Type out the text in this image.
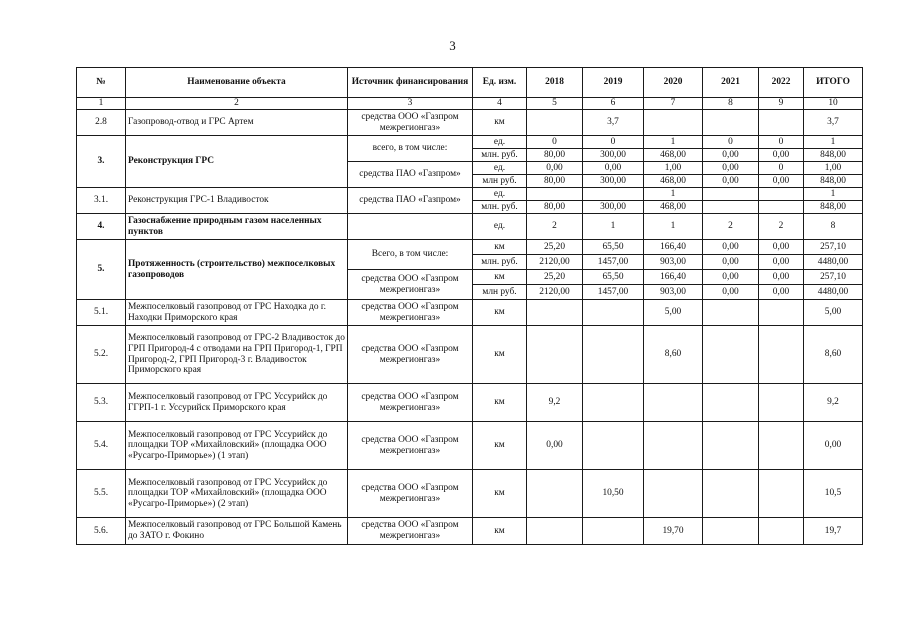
3
№	Наименование объекта	Источник финансирования	Ед. изм.	2018	2019	2020	2021	2022	ИТОГО
1	2	3	4	5	6	7	8	9	10
2.8	Газопровод-отвод и ГРС Артем	средства ООО «Газпром межрегионгаз»	км		3,7				3,7
3.	Реконструкция ГРС	всего, в том числе:	ед.	0	0	1	0	0	1
			млн. руб.	80,00	300,00	468,00	0,00	0,00	848,00
		средства ПАО «Газпром»	ед.	0,00	0,00	1,00	0,00	0	1,00
			млн руб.	80,00	300,00	468,00	0,00	0,00	848,00
3.1.	Реконструкция ГРС-1 Владивосток	средства ПАО «Газпром»	ед.			1			1
			млн. руб.	80,00	300,00	468,00			848,00
4.	Газоснабжение природным газом населенных пунктов		ед.	2	1	1	2	2	8
5.	Протяженность (строительство) межпоселковых газопроводов	Всего, в том числе:	км	25,20	65,50	166,40	0,00	0,00	257,10
			млн. руб.	2120,00	1457,00	903,00	0,00	0,00	4480,00
		средства ООО «Газпром межрегионгаз»	км	25,20	65,50	166,40	0,00	0,00	257,10
			млн руб.	2120,00	1457,00	903,00	0,00	0,00	4480,00
5.1.	Межпоселковый газопровод от ГРС Находка до г. Находки Приморского края	средства ООО «Газпром межрегионгаз»	км			5,00			5,00
5.2.	Межпоселковый газопровод от ГРС-2 Владивосток до ГРП Пригород-4 с отводами на ГРП Пригород-1, ГРП Пригород-2, ГРП Пригород-3 г. Владивосток Приморского края	средства ООО «Газпром межрегионгаз»	км			8,60			8,60
5.3.	Межпоселковый газопровод от ГРС Уссурийск до ГГРП-1 г. Уссурийск Приморского края	средства ООО «Газпром межрегионгаз»	км	9,2					9,2
5.4.	Межпоселковый газопровод от ГРС Уссурийск до площадки ТОР «Михайловский» (площадка ООО «Русагро-Приморье») (1 этап)	средства ООО «Газпром межрегионгаз»	км	0,00					0,00
5.5.	Межпоселковый газопровод от ГРС Уссурийск до площадки ТОР «Михайловский» (площадка ООО «Русагро-Приморье») (2 этап)	средства ООО «Газпром межрегионгаз»	км		10,50				10,5
5.6.	Межпоселковый газопровод от ГРС Большой Камень до ЗАТО г. Фокино	средства ООО «Газпром межрегионгаз»	км			19,70			19,7
